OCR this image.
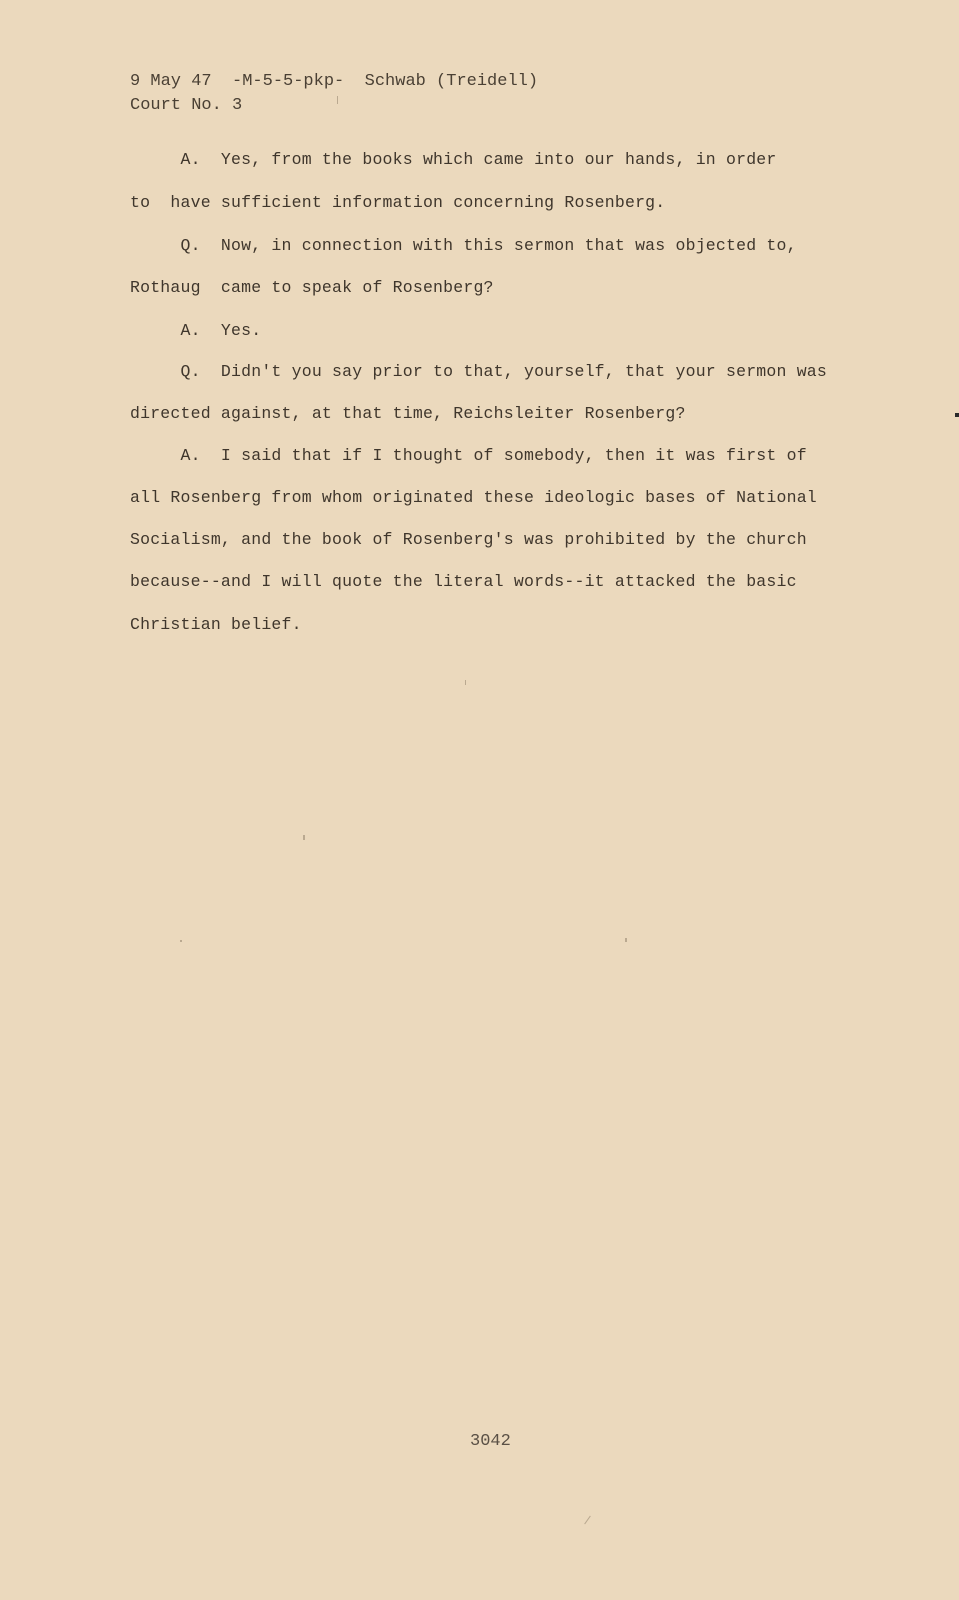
9 May 47  -M-5-5-pkp-  Schwab (Treidell)
Court No. 3
A.  Yes, from the books which came into our hands, in order
to  have sufficient information concerning Rosenberg.
Q.  Now, in connection with this sermon that was objected to,
Rothaug  came to speak of Rosenberg?
A.  Yes.
Q.  Didn't you say prior to that, yourself, that your sermon was
directed against, at that time, Reichsleiter Rosenberg?
A.  I said that if I thought of somebody, then it was first of
all Rosenberg from whom originated these ideologic bases of National
Socialism, and the book of Rosenberg's was prohibited by the church
because--and I will quote the literal words--it attacked the basic
Christian belief.
3042
